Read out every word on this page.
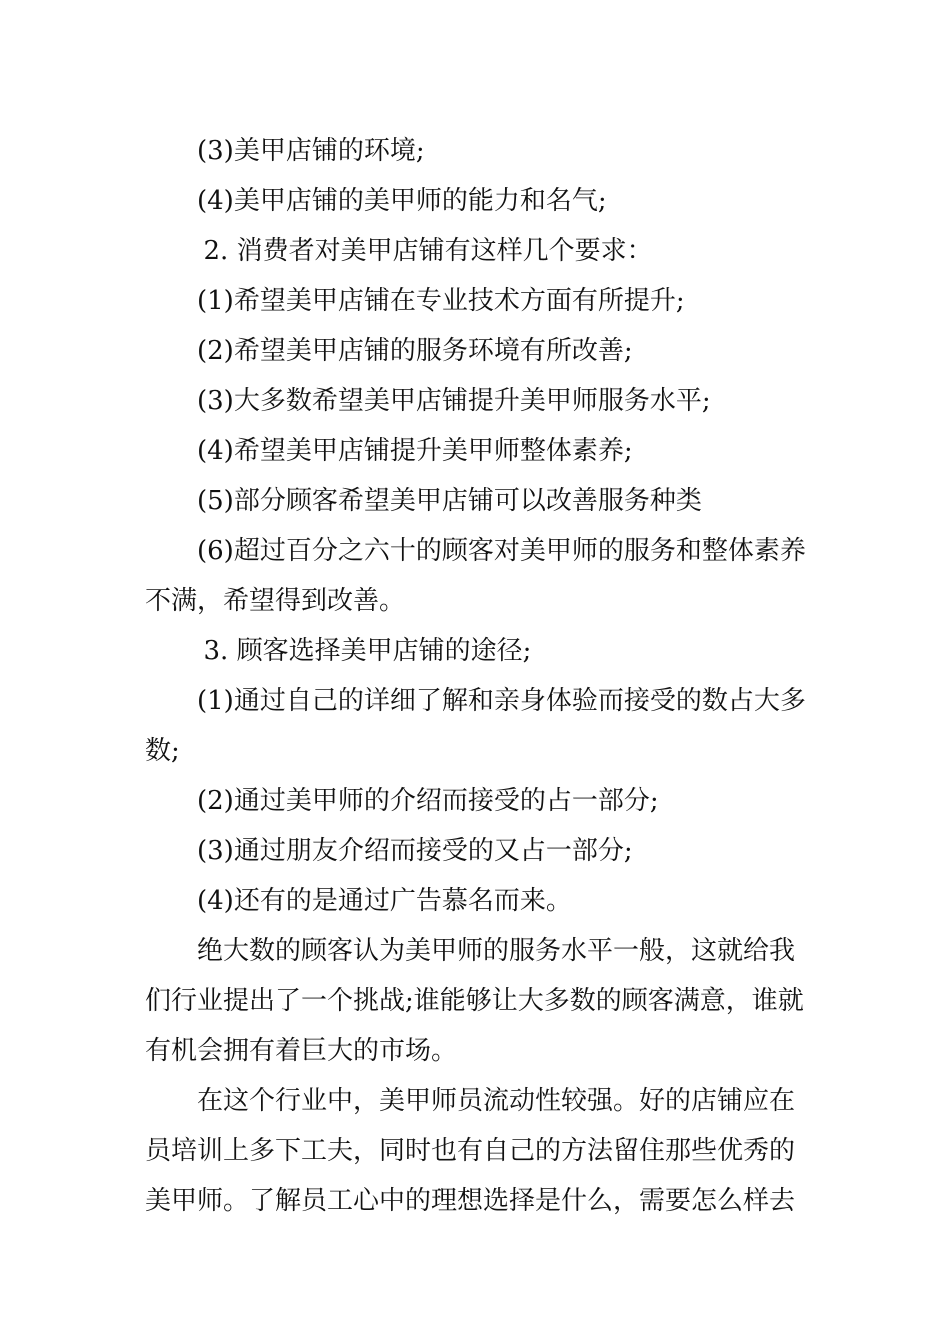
(3)美甲店铺的环境;

(4)美甲店铺的美甲师的能力和名气;

2. 消费者对美甲店铺有这样几个要求：

(1)希望美甲店铺在专业技术方面有所提升;

(2)希望美甲店铺的服务环境有所改善;

(3)大多数希望美甲店铺提升美甲师服务水平;

(4)希望美甲店铺提升美甲师整体素养;

(5)部分顾客希望美甲店铺可以改善服务种类

(6)超过百分之六十的顾客对美甲师的服务和整体素养不满，希望得到改善。

3. 顾客选择美甲店铺的途径;

(1)通过自己的详细了解和亲身体验而接受的数占大多数;

(2)通过美甲师的介绍而接受的占一部分;

(3)通过朋友介绍而接受的又占一部分;

(4)还有的是通过广告慕名而来。

绝大数的顾客认为美甲师的服务水平一般，这就给我们行业提出了一个挑战;谁能够让大多数的顾客满意，谁就有机会拥有着巨大的市场。

在这个行业中，美甲师员流动性较强。好的店铺应在员培训上多下工夫，同时也有自己的方法留住那些优秀的美甲师。了解员工心中的理想选择是什么，需要怎么样去
